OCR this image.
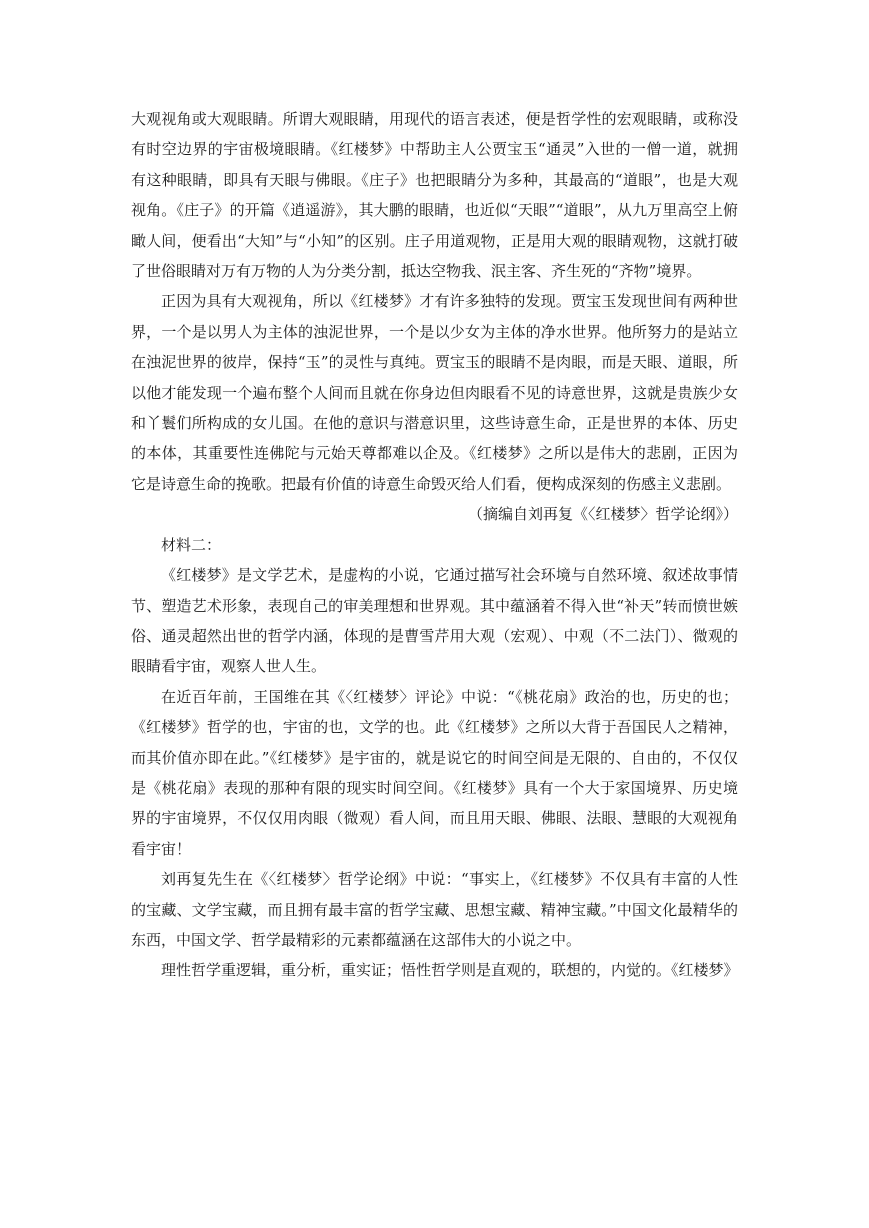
大观视角或大观眼睛。所谓大观眼睛，用现代的语言表述，便是哲学性的宏观眼睛，或称没有时空边界的宇宙极境眼睛。《红楼梦》中帮助主人公贾宝玉“通灵”入世的一僧一道，就拥有这种眼睛，即具有天眼与佛眼。《庄子》也把眼睛分为多种，其最高的“道眼”，也是大观视角。《庄子》的开篇《逍遥游》，其大鹏的眼睛，也近似“天眼”“道眼”，从九万里高空上俯瞰人间，便看出“大知”与“小知”的区别。庄子用道观物，正是用大观的眼睛观物，这就打破了世俗眼睛对万有万物的人为分类分割，抵达空物我、泯主客、齐生死的“齐物”境界。

正因为具有大观视角，所以《红楼梦》才有许多独特的发现。贾宝玉发现世间有两种世界，一个是以男人为主体的浊泥世界，一个是以少女为主体的净水世界。他所努力的是站立在浊泥世界的彼岸，保持“玉”的灵性与真纯。贾宝玉的眼睛不是肉眼，而是天眼、道眼，所以他才能发现一个遍布整个人间而且就在你身边但肉眼看不见的诗意世界，这就是贵族少女和丫鬟们所构成的女儿国。在他的意识与潜意识里，这些诗意生命，正是世界的本体、历史的本体，其重要性连佛陀与元始天尊都难以企及。《红楼梦》之所以是伟大的悲剧，正因为它是诗意生命的挽歌。把最有价值的诗意生命毁灭给人们看，便构成深刻的伤感主义悲剧。

（摘编自刘再复《〈红楼梦〉哲学论纲》）

材料二：

《红楼梦》是文学艺术，是虚构的小说，它通过描写社会环境与自然环境、叙述故事情节、塑造艺术形象，表现自己的审美理想和世界观。其中蕴涵着不得入世“补天”转而愤世嫉俗、通灵超然出世的哲学内涵，体现的是曹雪芹用大观（宏观）、中观（不二法门）、微观的眼睛看宇宙，观察人世人生。

在近百年前，王国维在其《〈红楼梦〉评论》中说：“《桃花扇》政治的也，历史的也；《红楼梦》哲学的也，宇宙的也，文学的也。此《红楼梦》之所以大背于吾国民人之精神，而其价值亦即在此。”《红楼梦》是宇宙的，就是说它的时间空间是无限的、自由的，不仅仅是《桃花扇》表现的那种有限的现实时间空间。《红楼梦》具有一个大于家国境界、历史境界的宇宙境界，不仅仅用肉眼（微观）看人间，而且用天眼、佛眼、法眼、慧眼的大观视角看宇宙！

刘再复先生在《〈红楼梦〉哲学论纲》中说：“事实上，《红楼梦》不仅具有丰富的人性的宝藏、文学宝藏，而且拥有最丰富的哲学宝藏、思想宝藏、精神宝藏。”中国文化最精华的东西，中国文学、哲学最精彩的元素都蕴涵在这部伟大的小说之中。

理性哲学重逻辑，重分析，重实证；悟性哲学则是直观的，联想的，内觉的。《红楼梦》
